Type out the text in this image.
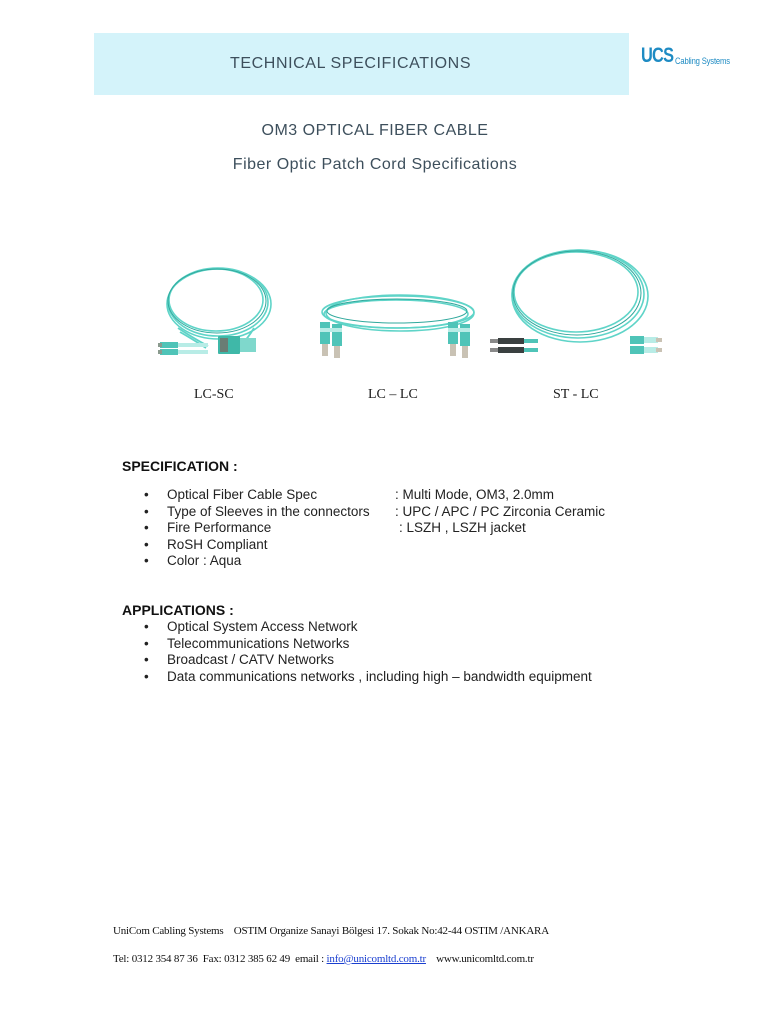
TECHNICAL SPECIFICATIONS	UCS Cabling Systems
OM3 OPTICAL FIBER CABLE
Fiber Optic Patch Cord Specifications
LC-SC	LC – LC	ST - LC
SPECIFICATION :
• Optical Fiber Cable Spec	: Multi Mode, OM3, 2.0mm
• Type of Sleeves in the connectors : UPC / APC / PC Zirconia Ceramic
• Fire Performance	: LSZH , LSZH jacket
• RoSH Compliant
• Color : Aqua
APPLICATIONS :
• Optical System Access Network
• Telecommunications Networks
• Broadcast / CATV Networks
• Data communications networks , including high – bandwidth equipment
UniCom Cabling Systems OSTIM Organize Sanayi Bölgesi 17. Sokak No:42-44 OSTIM /ANKARA
Tel: 0312 354 87 36 Fax: 0312 385 62 49 email : info@unicomltd.com.tr www.unicomltd.com.tr
